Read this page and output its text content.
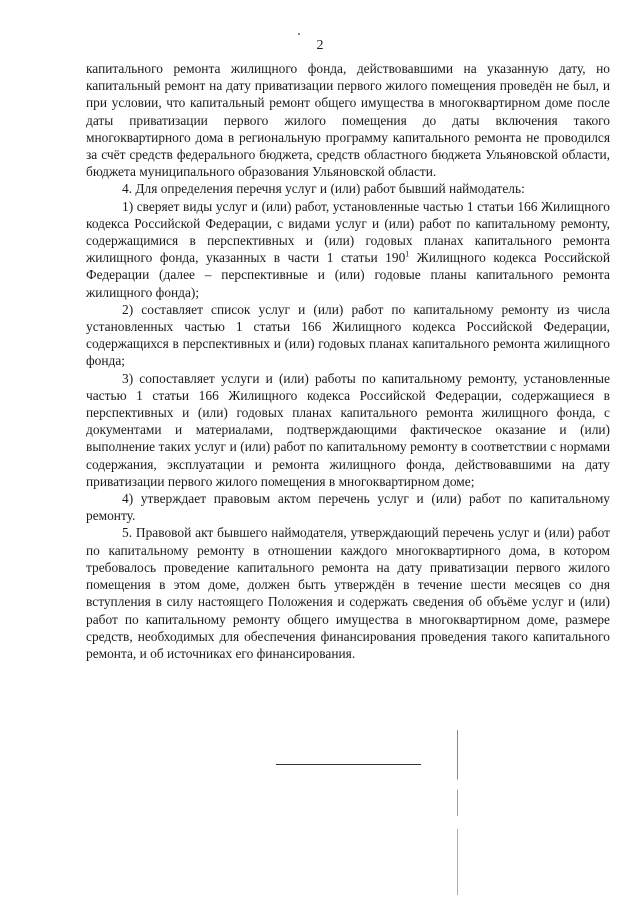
2

капитального ремонта жилищного фонда, действовавшими на указанную дату, но капитальный ремонт на дату приватизации первого жилого помещения проведён не был, и при условии, что капитальный ремонт общего имущества в многоквартирном доме после даты приватизации первого жилого помещения до даты включения такого многоквартирного дома в региональную программу капитального ремонта не проводился за счёт средств федерального бюджета, средств областного бюджета Ульяновской области, бюджета муниципального образования Ульяновской области.

4. Для определения перечня услуг и (или) работ бывший наймодатель:

1) сверяет виды услуг и (или) работ, установленные частью 1 статьи 166 Жилищного кодекса Российской Федерации, с видами услуг и (или) работ по капитальному ремонту, содержащимися в перспективных и (или) годовых планах капитального ремонта жилищного фонда, указанных в части 1 статьи $190^1$ Жилищного кодекса Российской Федерации (далее – перспективные и (или) годовые планы капитального ремонта жилищного фонда);

2) составляет список услуг и (или) работ по капитальному ремонту из числа установленных частью 1 статьи 166 Жилищного кодекса Российской Федерации, содержащихся в перспективных и (или) годовых планах капитального ремонта жилищного фонда;

3) сопоставляет услуги и (или) работы по капитальному ремонту, установленные частью 1 статьи 166 Жилищного кодекса Российской Федерации, содержащиеся в перспективных и (или) годовых планах капитального ремонта жилищного фонда, с документами и материалами, подтверждающими фактическое оказание и (или) выполнение таких услуг и (или) работ по капитальному ремонту в соответствии с нормами содержания, эксплуатации и ремонта жилищного фонда, действовавшими на дату приватизации первого жилого помещения в многоквартирном доме;

4) утверждает правовым актом перечень услуг и (или) работ по капитальному ремонту.

5. Правовой акт бывшего наймодателя, утверждающий перечень услуг и (или) работ по капитальному ремонту в отношении каждого многоквартирного дома, в котором требовалось проведение капитального ремонта на дату приватизации первого жилого помещения в этом доме, должен быть утверждён в течение шести месяцев со дня вступления в силу настоящего Положения и содержать сведения об объёме услуг и (или) работ по капитальному ремонту общего имущества в многоквартирном доме, размере средств, необходимых для обеспечения финансирования проведения такого капитального ремонта, и об источниках его финансирования.
